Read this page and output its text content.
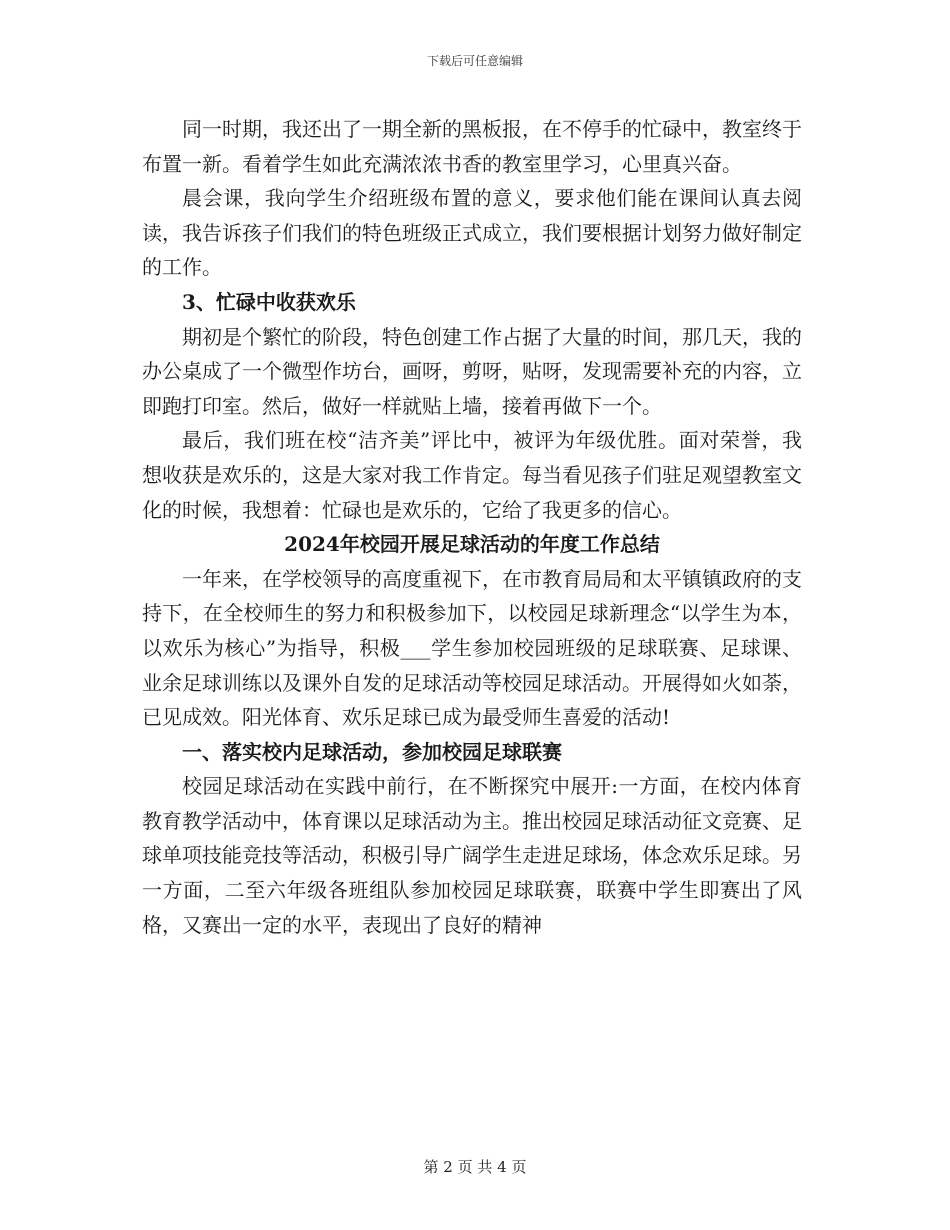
下载后可任意编辑

同一时期，我还出了一期全新的黑板报，在不停手的忙碌中，教室终于布置一新。看着学生如此充满浓浓书香的教室里学习，心里真兴奋。

晨会课，我向学生介绍班级布置的意义，要求他们能在课间认真去阅读，我告诉孩子们我们的特色班级正式成立，我们要根据计划努力做好制定的工作。

3、忙碌中收获欢乐

期初是个繁忙的阶段，特色创建工作占据了大量的时间，那几天，我的办公桌成了一个微型作坊台，画呀，剪呀，贴呀，发现需要补充的内容，立即跑打印室。然后，做好一样就贴上墙，接着再做下一个。

最后，我们班在校“洁齐美”评比中，被评为年级优胜。面对荣誉，我想收获是欢乐的，这是大家对我工作肯定。每当看见孩子们驻足观望教室文化的时候，我想着：忙碌也是欢乐的，它给了我更多的信心。

2024年校园开展足球活动的年度工作总结

一年来，在学校领导的高度重视下，在市教育局局和太平镇镇政府的支持下，在全校师生的努力和积极参加下，以校园足球新理念“以学生为本，以欢乐为核心”为指导，积极___学生参加校园班级的足球联赛、足球课、业余足球训练以及课外自发的足球活动等校园足球活动。开展得如火如荼，已见成效。阳光体育、欢乐足球已成为最受师生喜爱的活动!

一、落实校内足球活动，参加校园足球联赛

校园足球活动在实践中前行，在不断探究中展开:一方面，在校内体育教育教学活动中，体育课以足球活动为主。推出校园足球活动征文竞赛、足球单项技能竞技等活动，积极引导广阔学生走进足球场，体念欢乐足球。另一方面，二至六年级各班组队参加校园足球联赛，联赛中学生即赛出了风格，又赛出一定的水平，表现出了良好的精神

第 2 页 共 4 页
